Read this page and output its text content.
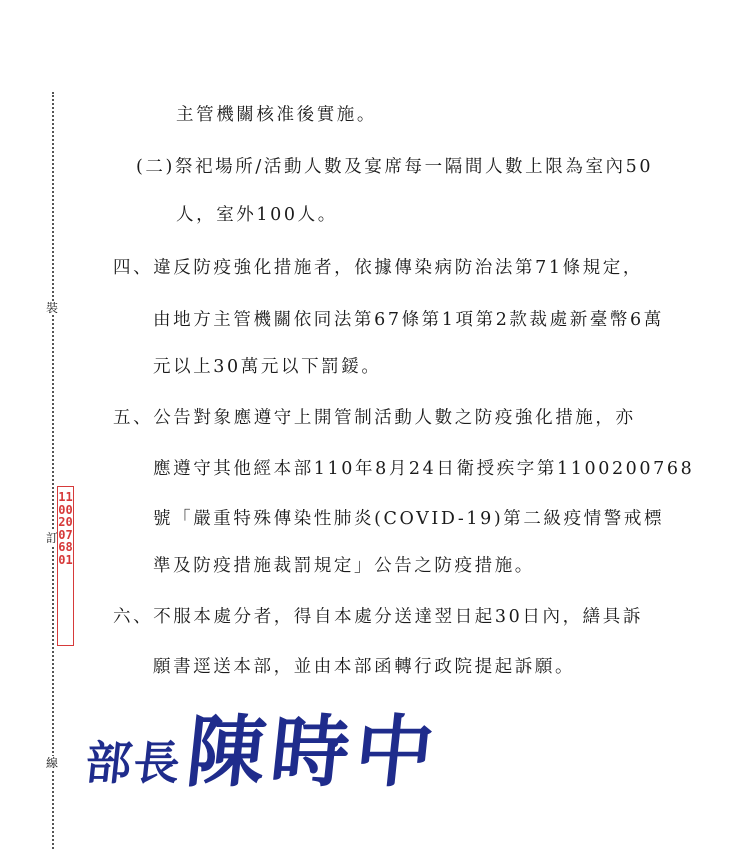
裝
訂
線
1100200768 01
主管機關核准後實施。
(二)祭祀場所/活動人數及宴席每一隔間人數上限為室內50
人，室外100人。
四、違反防疫強化措施者，依據傳染病防治法第71條規定，
由地方主管機關依同法第67條第1項第2款裁處新臺幣6萬
元以上30萬元以下罰鍰。
五、公告對象應遵守上開管制活動人數之防疫強化措施，亦
應遵守其他經本部110年8月24日衛授疾字第1100200768
號「嚴重特殊傳染性肺炎(COVID-19)第二級疫情警戒標
準及防疫措施裁罰規定」公告之防疫措施。
六、不服本處分者，得自本處分送達翌日起30日內，繕具訴
願書逕送本部，並由本部函轉行政院提起訴願。
部長 陳時中
